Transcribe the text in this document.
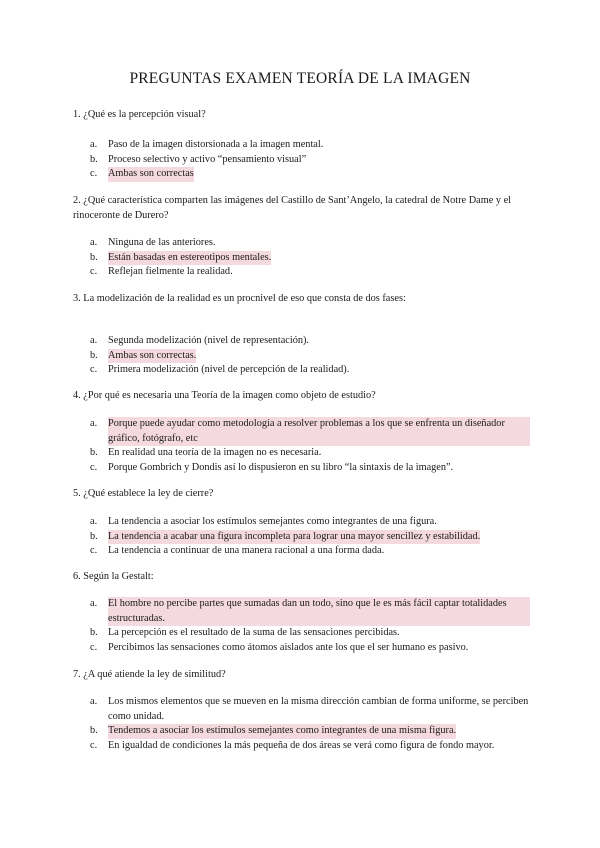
PREGUNTAS EXAMEN TEORÍA DE LA IMAGEN
1. ¿Qué es la percepción visual?
a. Paso de la imagen distorsionada a la imagen mental.
b. Proceso selectivo y activo “pensamiento visual”
c. Ambas son correctas
2. ¿Qué característica comparten las imágenes del Castillo de Sant’Angelo, la catedral de Notre Dame y el rinoceronte de Durero?
a. Ninguna de las anteriores.
b. Están basadas en estereotipos mentales.
c. Reflejan fielmente la realidad.
3. La modelización de la realidad es un procnivel de eso que consta de dos fases:
a. Segunda modelización (nivel de representación).
b. Ambas son correctas.
c. Primera modelización (nivel de percepción de la realidad).
4. ¿Por qué es necesaria una Teoría de la imagen como objeto de estudio?
a. Porque puede ayudar como metodología a resolver problemas a los que se enfrenta un diseñador gráfico, fotógrafo, etc
b. En realidad una teoría de la imagen no es necesaria.
c. Porque Gombrich y Dondis así lo dispusieron en su libro “la sintaxis de la imagen”.
5. ¿Qué establece la ley de cierre?
a. La tendencia a asociar los estímulos semejantes como integrantes de una figura.
b. La tendencia a acabar una figura incompleta para lograr una mayor sencillez y estabilidad.
c. La tendencia a continuar de una manera racional a una forma dada.
6. Según la Gestalt:
a. El hombre no percibe partes que sumadas dan un todo, sino que le es más fácil captar totalidades estructuradas.
b. La percepción es el resultado de la suma de las sensaciones percibidas.
c. Percibimos las sensaciones como átomos aislados ante los que el ser humano es pasivo.
7. ¿A qué atiende la ley de similitud?
a. Los mismos elementos que se mueven en la misma dirección cambian de forma uniforme, se perciben como unidad.
b. Tendemos a asociar los estímulos semejantes como integrantes de una misma figura.
c. En igualdad de condiciones la más pequeña de dos áreas se verá como figura de fondo mayor.
